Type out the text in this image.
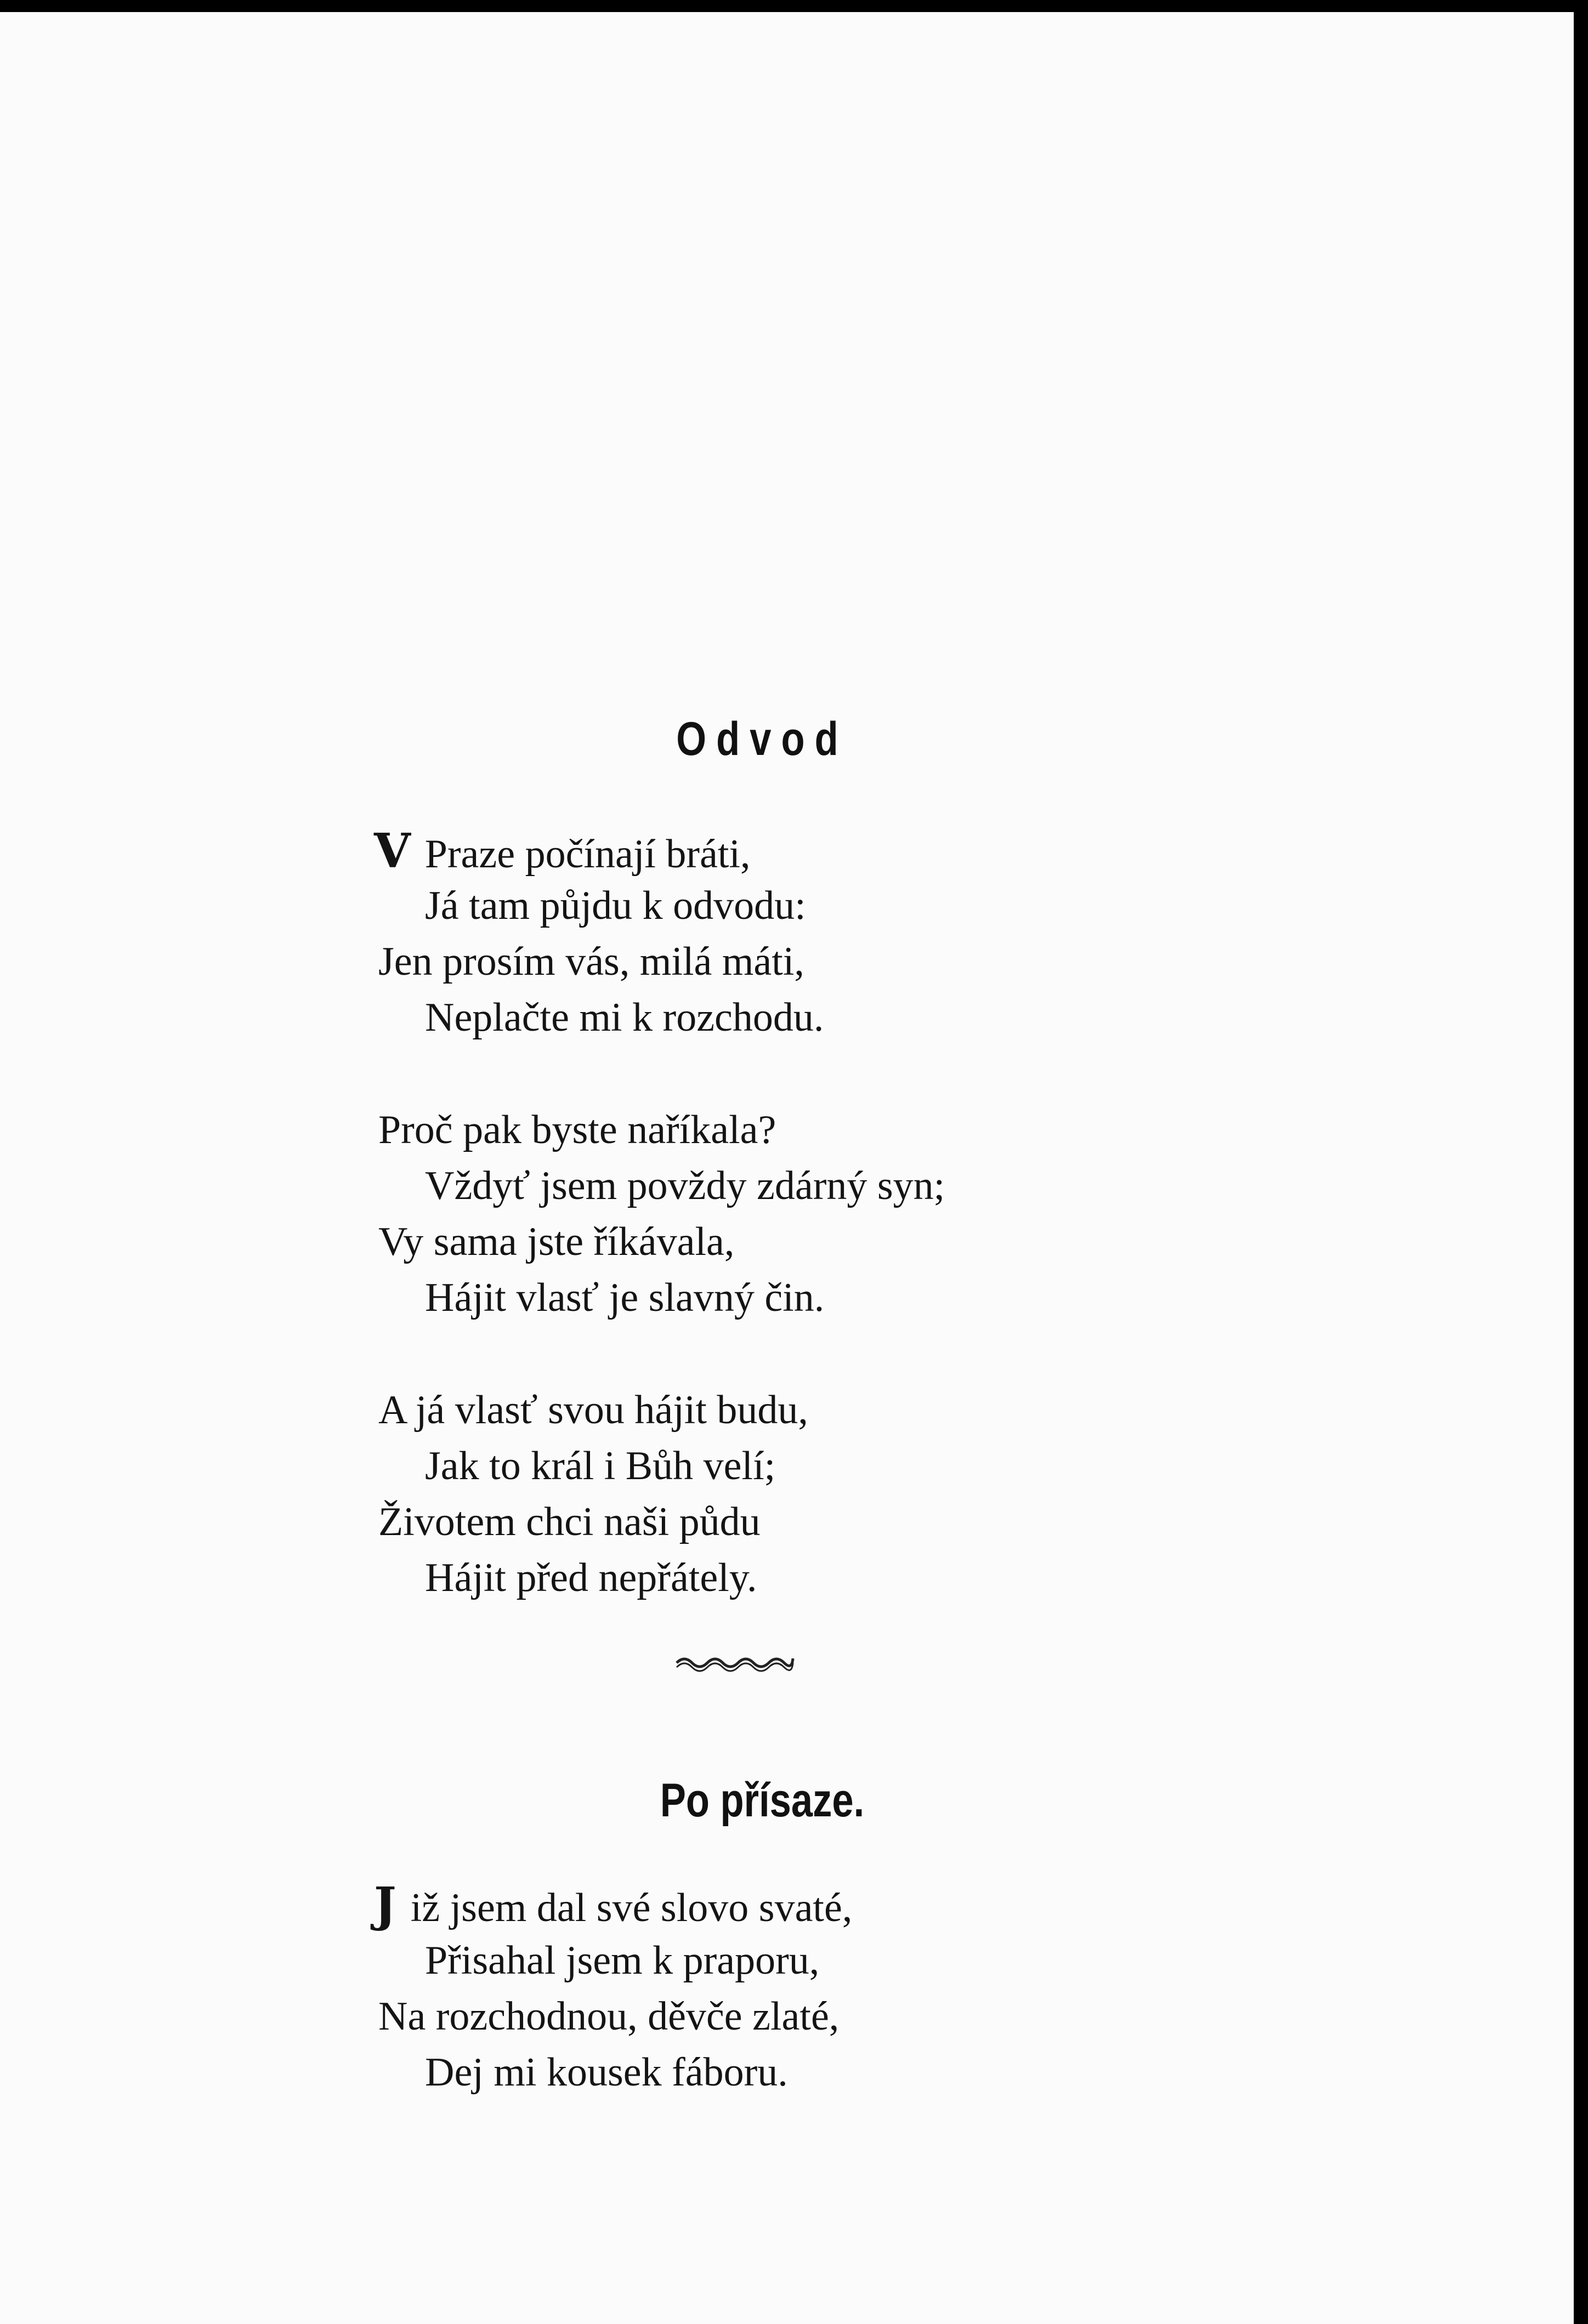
Odvod
V Praze počínají bráti,
Já tam půjdu k odvodu:
Jen prosím vás, milá máti,
Neplačte mi k rozchodu.
Proč pak byste naříkala?
Vždyť jsem povždy zdárný syn;
Vy sama jste říkávala,
Hájit vlasť je slavný čin.
A já vlasť svou hájit budu,
Jak to král i Bůh velí;
Životem chci naši půdu
Hájit před nepřátely.
Po přísaze.
J iž jsem dal své slovo svaté,
Přisahal jsem k praporu,
Na rozchodnou, děvče zlaté,
Dej mi kousek fáboru.
